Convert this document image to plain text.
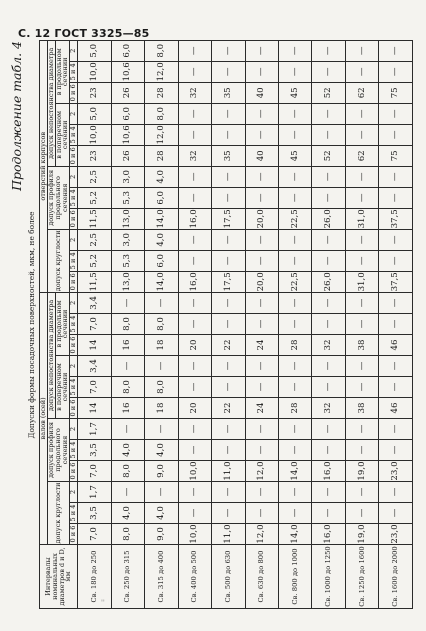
С. 12 ГОСТ 3325—85
''
Продолжение табл. 4
Допуски формы посадочных поверхностей, мкм, не более
Интервалы номинальных диаметров d и D, мм	валов (осей)												отверстий корпусов											
	допуск круглости			допуск профиля продольного сечения			допуск непостоянства диаметра						допуск круглости			допуск профиля продольного сечения			допуск непостоянства диаметра					
							в поперечном сечении			в продольном сечении									в поперечном сечении			в продольном сечении		
	0 и 6	5 и 4	2	0 и 6	5 и 4	2	0 и 6	5 и 4	2	0 и 6	5 и 4	2	0 и 6	5 и 4	2	0 и 6	5 и 4	2	0 и 6	5 и 4	2	0 и 6	5 и 4	2
Св. 180 до 250	7,0	3,5	1,7	7,0	3,5	1,7	14	7,0	3,4	14	7,0	3,4	11,5	5,2	2,5	11,5	5,2	2,5	23	10,0	5,0	23	10,0	5,0
Св. 250 до 315	8,0	4,0	—	8,0	4,0	—	16	8,0	—	16	8,0	—	13,0	5,3	3,0	13,0	5,3	3,0	26	10,6	6,0	26	10,6	6,0
Св. 315 до 400	9,0	4,0	—	9,0	4,0	—	18	8,0	—	18	8,0	—	14,0	6,0	4,0	14,0	6,0	4,0	28	12,0	8,0	28	12,0	8,0
Св. 400 до 500	10,0	—	—	10,0	—	—	20	—	—	20	—	—	16,0	—	—	16,0	—	—	32	—	—	32	—	—
Св. 500 до 630	11,0	—	—	11,0	—	—	22	—	—	22	—	—	17,5	—	—	17,5	—	—	35	—	—	35	—	—
Св. 630 до 800	12,0	—	—	12,0	—	—	24	—	—	24	—	—	20,0	—	—	20,0	—	—	40	—	—	40	—	—
Св. 800 до 1000	14,0	—	—	14,0	—	—	28	—	—	28	—	—	22,5	—	—	22,5	—	—	45	—	—	45	—	—
Св. 1000 до 1250	16,0	—	—	16,0	—	—	32	—	—	32	—	—	26,0	—	—	26,0	—	—	52	—	—	52	—	—
Св. 1250 до 1600	19,0	—	—	19,0	—	—	38	—	—	38	—	—	31,0	—	—	31,0	—	—	62	—	—	62	—	—
Св. 1600 до 2000	23,0	—	—	23,0	—	—	46	—	—	46	—	—	37,5	—	—	37,5	—	—	75	—	—	75	—	—
